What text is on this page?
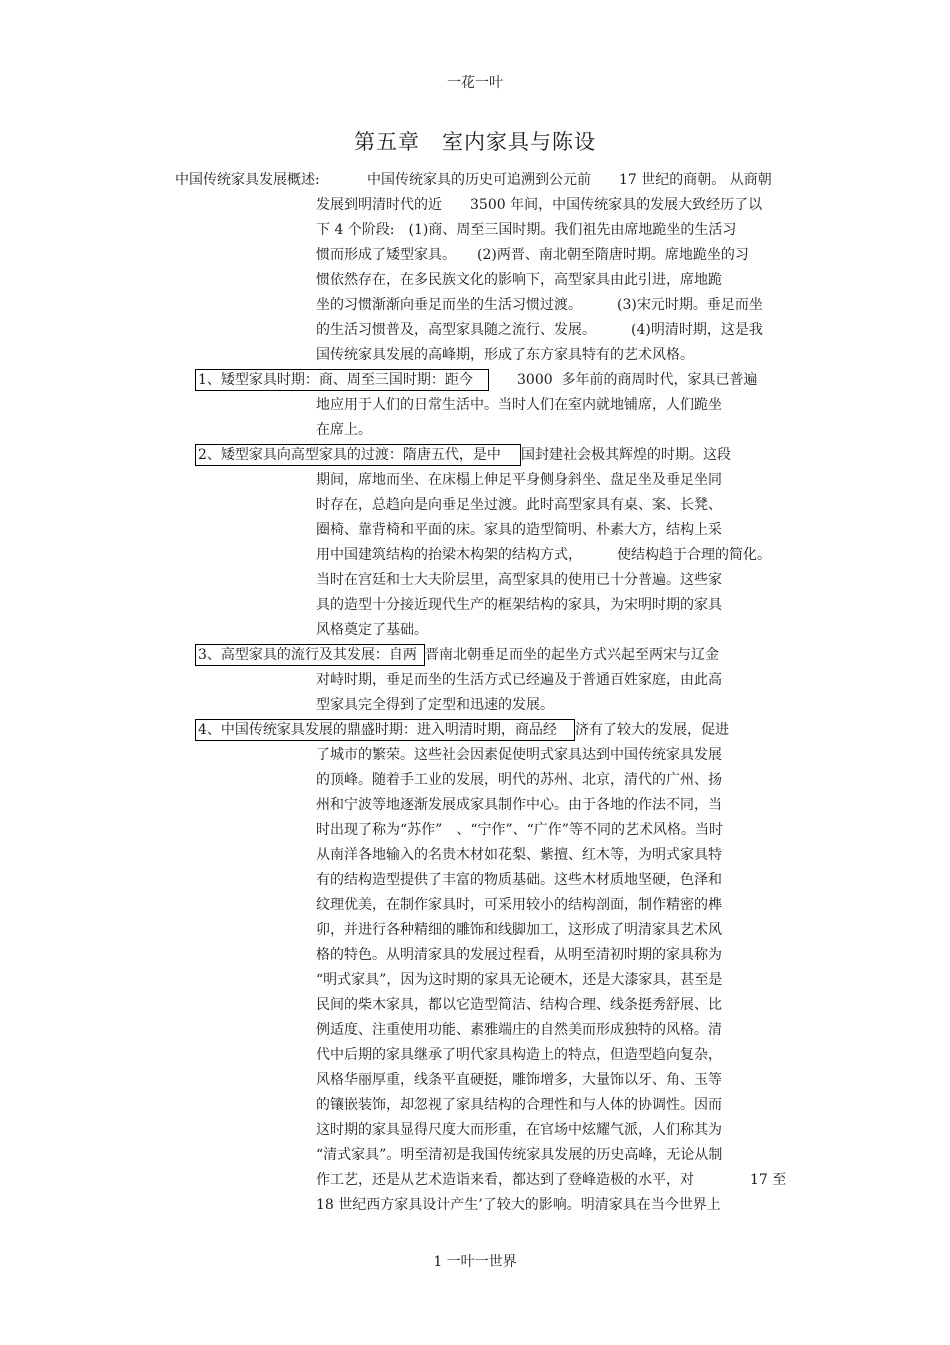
一花一叶
第五章　室内家具与陈设
中国传统家具发展概述:	中国传统家具的历史可追溯到公元前　　17 世纪的商朝。 从商朝
发展到明清时代的近　　3500 年间，中国传统家具的发展大致经历了以
下 4 个阶段:　(1)商、周至三国时期。我们祖先由席地跪坐的生活习
惯而形成了矮型家具。　　(2)两晋、南北朝至隋唐时期。席地跪坐的习
惯依然存在，在多民族文化的影响下，高型家具由此引进，席地跪
坐的习惯渐渐向垂足而坐的生活习惯过渡。　　　(3)宋元时期。垂足而坐
的生活习惯普及，高型家具随之流行、发展。　　　(4)明清时期，这是我
国传统家具发展的高峰期，形成了东方家具特有的艺术风格。
1、矮型家具时期：商、周至三国时期：距今	　　3000  多年前的商周时代，家具已普遍
地应用于人们的日常生活中。当时人们在室内就地铺席，人们跪坐
在席上。
2、矮型家具向高型家具的过渡：隋唐五代，是中	国封建社会极其辉煌的时期。这段
期间，席地而坐、在床榻上伸足平身侧身斜坐、盘足坐及垂足坐同
时存在，总趋向是向垂足坐过渡。此时高型家具有桌、案、长凳、
圈椅、靠背椅和平面的床。家具的造型简明、朴素大方，结构上采
用中国建筑结构的抬梁木构架的结构方式，　　　使结构趋于合理的简化。
当时在宫廷和士大夫阶层里，高型家具的使用已十分普遍。这些家
具的造型十分接近现代生产的框架结构的家具，为宋明时期的家具
风格奠定了基础。
3、高型家具的流行及其发展：自两 晋南北朝垂足而坐的起坐方式兴起至两宋与辽金
对峙时期，垂足而坐的生活方式已经遍及于普通百姓家庭，由此高
型家具完全得到了定型和迅速的发展。
4、中国传统家具发展的鼎盛时期：进入明清时期，商品经	济有了较大的发展，促进
了城市的繁荣。这些社会因素促使明式家具达到中国传统家具发展
的顶峰。随着手工业的发展，明代的苏州、北京，清代的广州、扬
州和宁波等地逐渐发展成家具制作中心。由于各地的作法不同，当
时出现了称为“苏作”　、“宁作”、“广作”等不同的艺术风格。当时
从南洋各地输入的名贵木材如花梨、紫擅、红木等，为明式家具特
有的结构造型提供了丰富的物质基础。这些木材质地坚硬，色泽和
纹理优美，在制作家具时，可采用较小的结构剖面，制作精密的榫
卯，并进行各种精细的雕饰和线脚加工，这形成了明清家具艺术风
格的特色。从明清家具的发展过程看，从明至清初时期的家具称为
“明式家具”，因为这时期的家具无论硬木，还是大漆家具，甚至是
民间的柴木家具，都以它造型简洁、结构合理、线条挺秀舒展、比
例适度、注重使用功能、素雅端庄的自然美而形成独特的风格。清
代中后期的家具继承了明代家具构造上的特点，但造型趋向复杂，
风格华丽厚重，线条平直硬挺，雕饰增多，大量饰以牙、角、玉等
的镶嵌装饰，却忽视了家具结构的合理性和与人体的协调性。因而
这时期的家具显得尺度大而形重，在官场中炫耀气派，人们称其为
“清式家具”。明至清初是我国传统家具发展的历史高峰，无论从制
作工艺，还是从艺术造诣来看，都达到了登峰造极的水平，对　　　　17 至
18 世纪西方家具设计产生’了较大的影响。明清家具在当今世界上
1 一叶一世界
